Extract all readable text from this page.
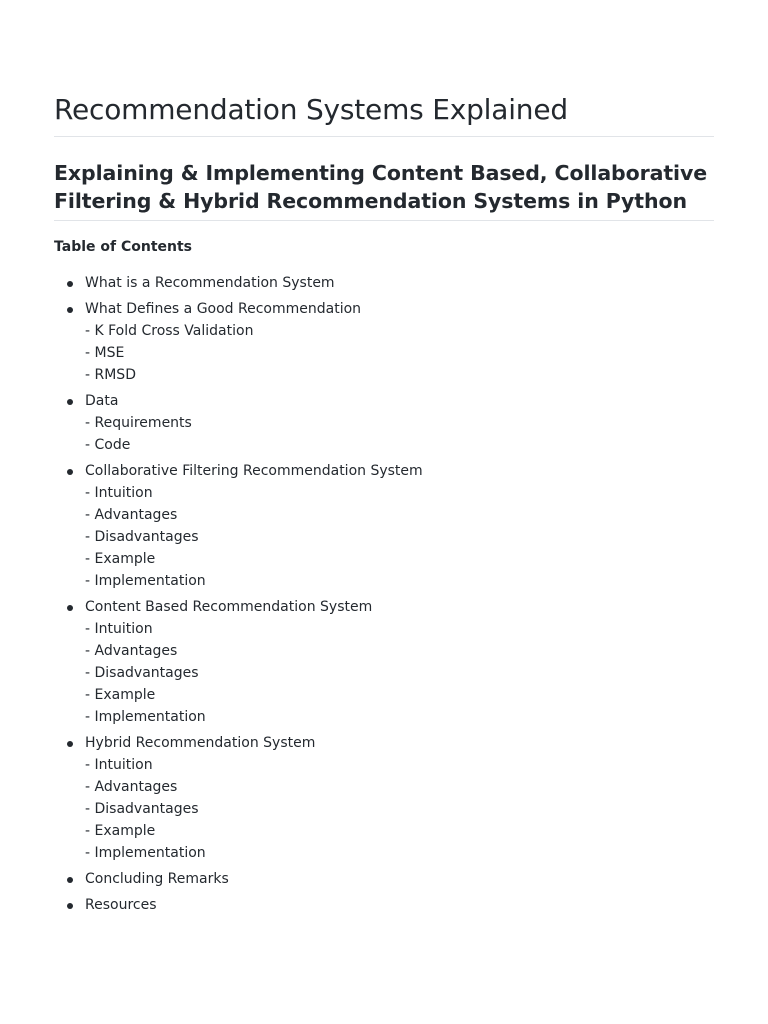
Recommendation Systems Explained
Explaining & Implementing Content Based, Collaborative Filtering & Hybrid Recommendation Systems in Python

Table of Contents

What is a Recommendation System
What Defines a Good Recommendation
- K Fold Cross Validation
- MSE
- RMSD
Data
- Requirements
- Code
Collaborative Filtering Recommendation System
- Intuition
- Advantages
- Disadvantages
- Example
- Implementation
Content Based Recommendation System
- Intuition
- Advantages
- Disadvantages
- Example
- Implementation
Hybrid Recommendation System
- Intuition
- Advantages
- Disadvantages
- Example
- Implementation
Concluding Remarks
Resources
